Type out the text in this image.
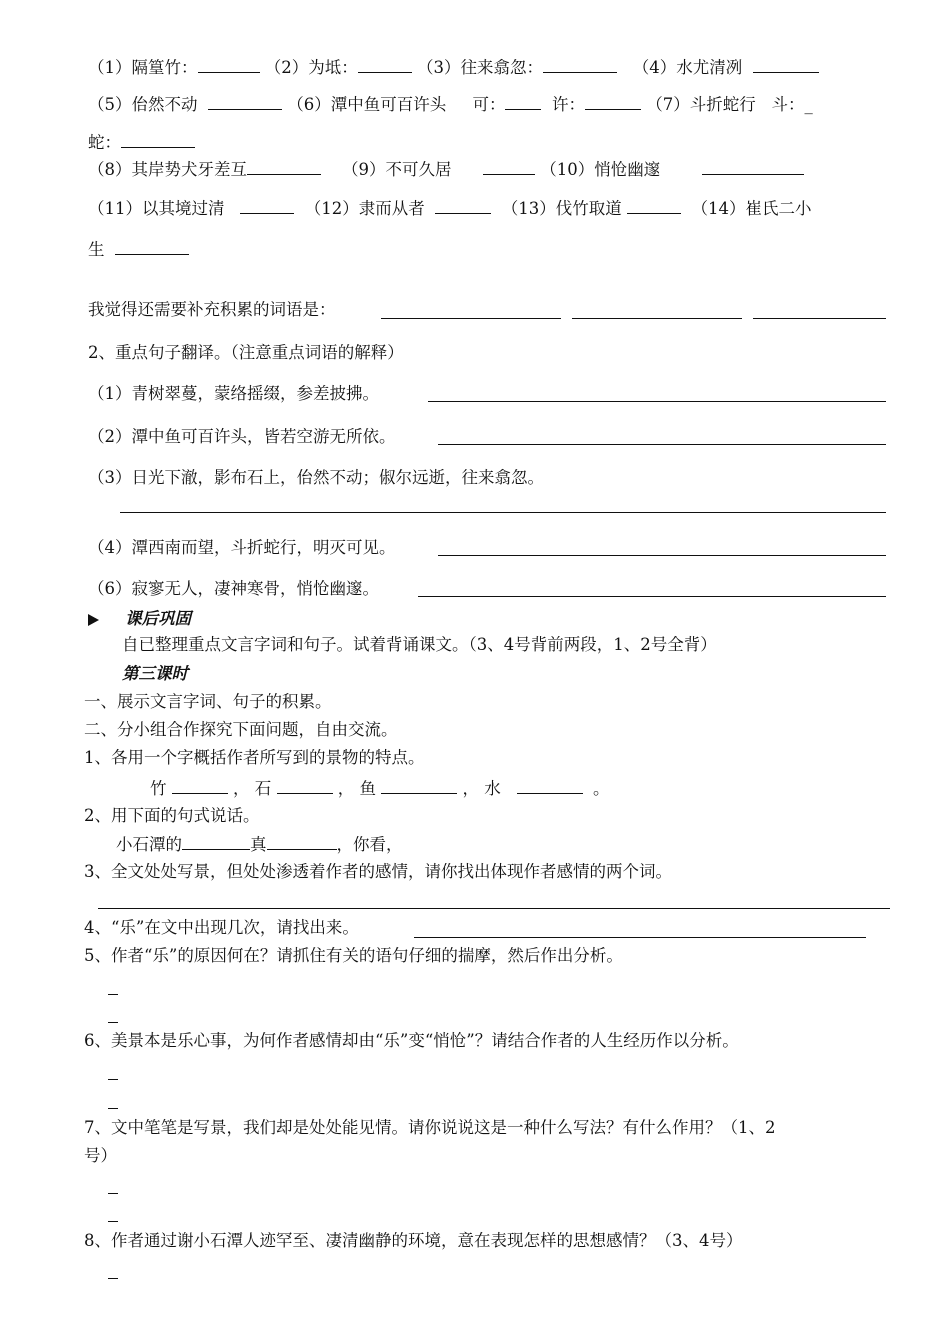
（1）隔篁竹：	（2）为坻：	（3）往来翕忽：	（4）水尤清冽
（5）佁然不动	（6）潭中鱼可百许头 可：	许：	（7）斗折蛇行 斗：_
蛇：
（8）其岸势犬牙差互	（9）不可久居	（10）悄怆幽邃
（11）以其境过清	（12）隶而从者	（13）伐竹取道	（14）崔氏二小
生
我觉得还需要补充积累的词语是：
2、重点句子翻译。（注意重点词语的解释）
（1）青树翠蔓，蒙络摇缀，参差披拂。
（2）潭中鱼可百许头，皆若空游无所依。
（3）日光下澈，影布石上，佁然不动；俶尔远逝，往来翕忽。
（4）潭西南而望，斗折蛇行，明灭可见。
（6）寂寥无人，凄神寒骨，悄怆幽邃。
课后巩固
自已整理重点文言字词和句子。试着背诵课文。（3、4号背前两段，1、2号全背）
第三课时
一、展示文言字词、句子的积累。
二、分小组合作探究下面问题，自由交流。
1、各用一个字概括作者所写到的景物的特点。
竹	， 石	， 鱼	， 水	。
2、用下面的句式说话。
小石潭的	真	，你看，
3、全文处处写景，但处处渗透着作者的感情，请你找出体现作者感情的两个词。
4、“乐”在文中出现几次，请找出来。
5、作者“乐”的原因何在？请抓住有关的语句仔细的揣摩，然后作出分析。
6、美景本是乐心事，为何作者感情却由“乐”变“悄怆”？请结合作者的人生经历作以分析。
7、文中笔笔是写景，我们却是处处能见情。请你说说这是一种什么写法？有什么作用？（1、2
号）
8、作者通过谢小石潭人迹罕至、凄清幽静的环境，意在表现怎样的思想感情？（3、4号）
